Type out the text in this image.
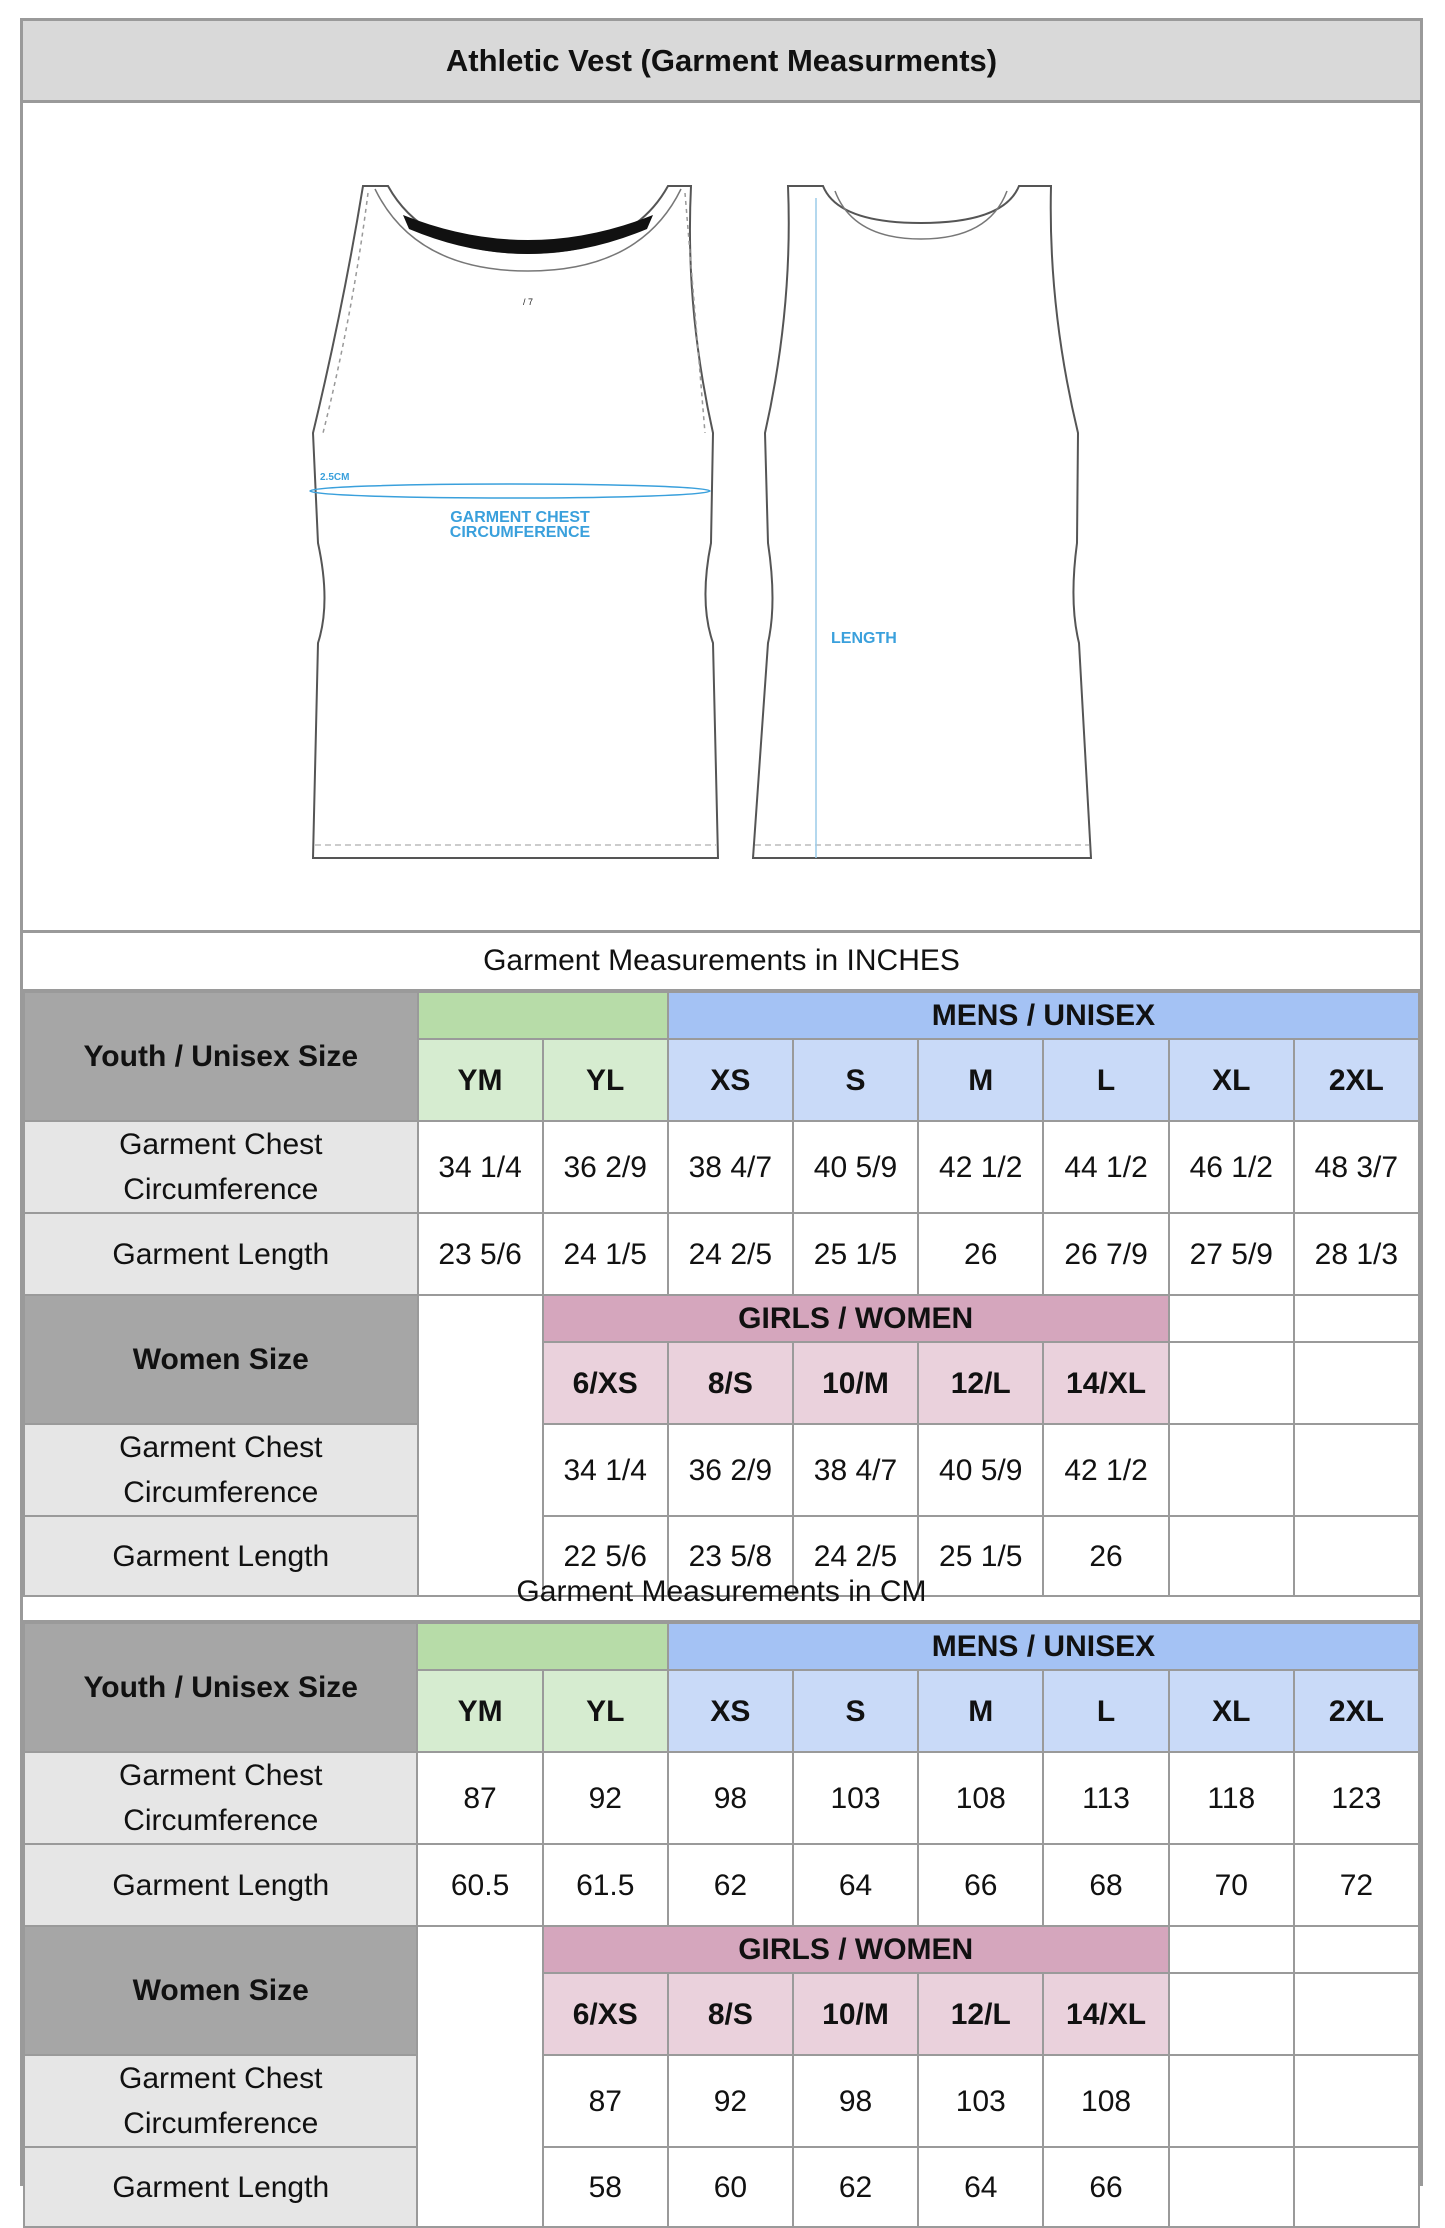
Athletic Vest (Garment Measurments)
/ 7
2.5CM
GARMENT CHEST
CIRCUMFERENCE
LENGTH
Garment Measurements in INCHES
Youth / Unisex Size			MENS / UNISEX					
	YM	YL	XS	S	M	L	XL	2XL
Garment Chest Circumference	34 1/4	36 2/9	38 4/7	40 5/9	42 1/2	44 1/2	46 1/2	48 3/7
Garment Length	23 5/6	24 1/5	24 2/5	25 1/5	26	26 7/9	27 5/9	28 1/3
Women Size		GIRLS / WOMEN						
		6/XS	8/S	10/M	12/L	14/XL		
Garment Chest Circumference		34 1/4	36 2/9	38 4/7	40 5/9	42 1/2		
Garment Length		22 5/6	23 5/8	24 2/5	25 1/5	26		
Garment Measurements in CM
Youth / Unisex Size			MENS / UNISEX					
	YM	YL	XS	S	M	L	XL	2XL
Garment Chest Circumference	87	92	98	103	108	113	118	123
Garment Length	60.5	61.5	62	64	66	68	70	72
Women Size		GIRLS / WOMEN						
		6/XS	8/S	10/M	12/L	14/XL		
Garment Chest Circumference		87	92	98	103	108		
Garment Length		58	60	62	64	66		
